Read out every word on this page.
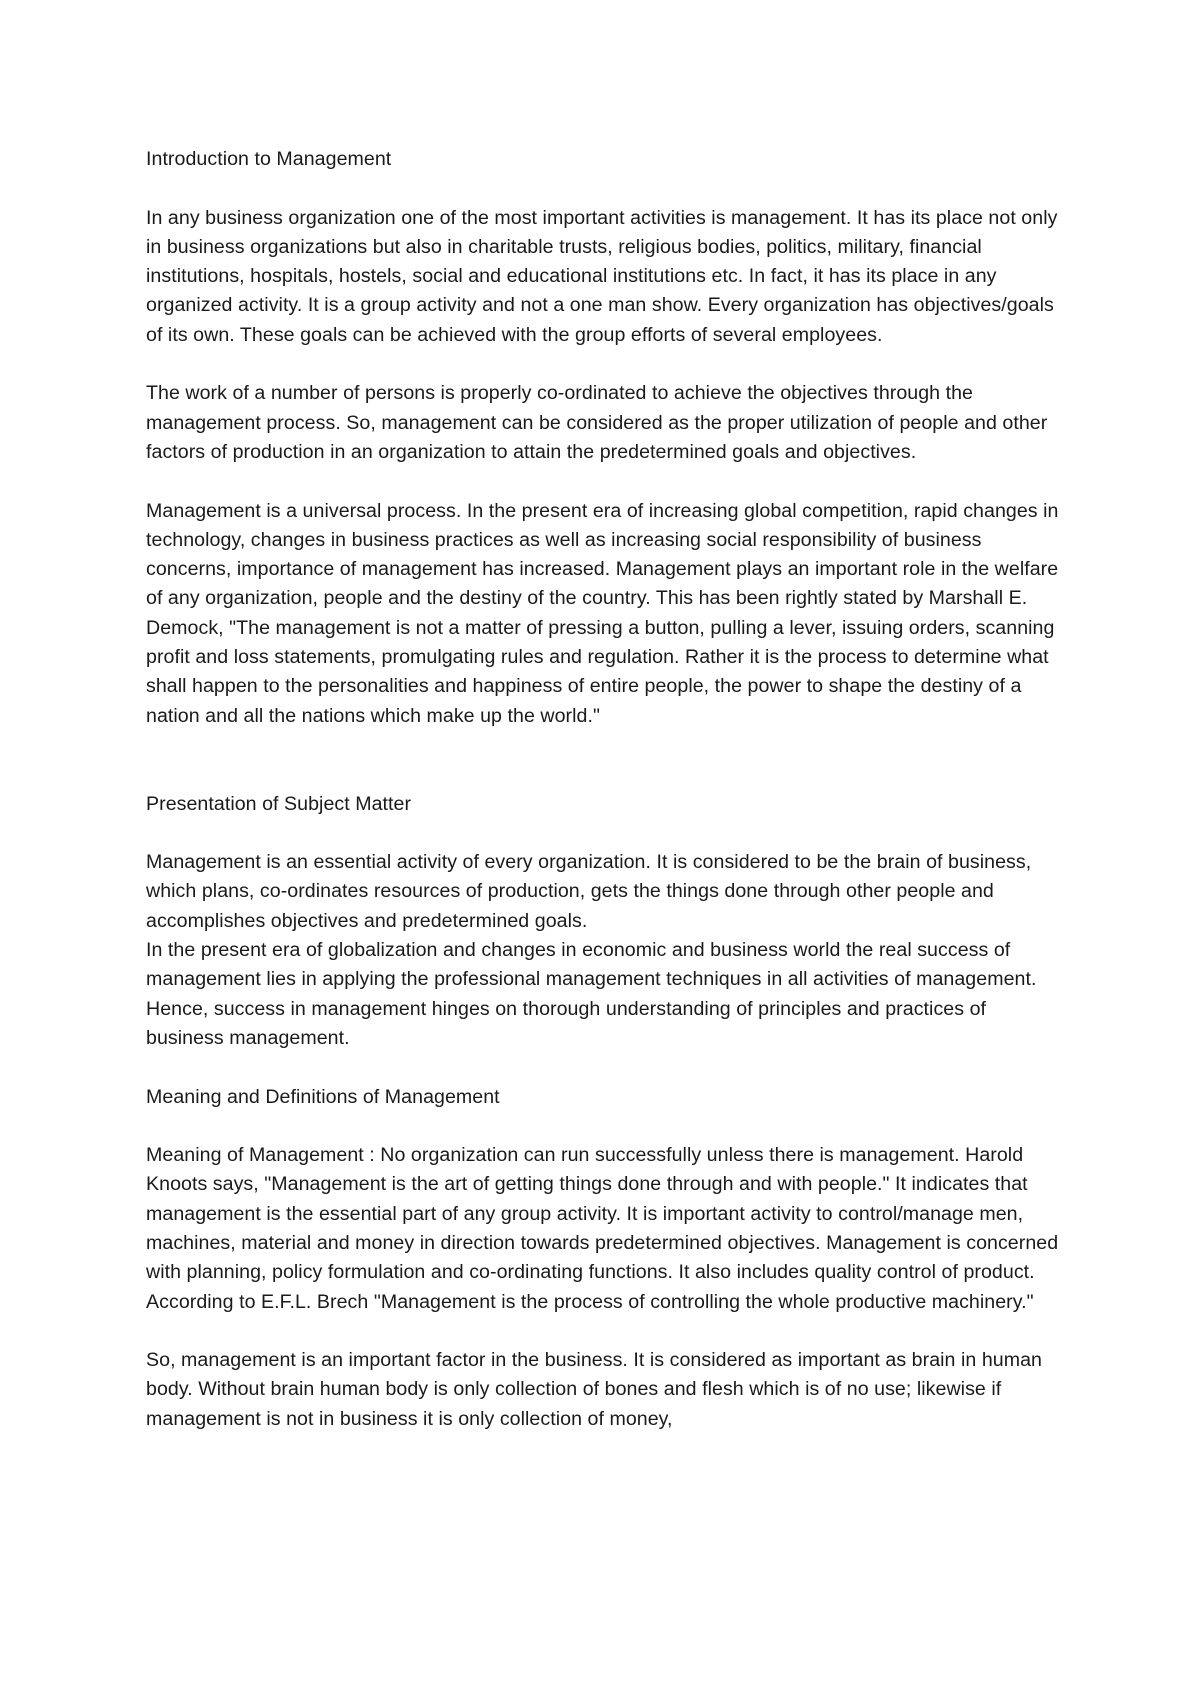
Introduction to Management

In any business organization one of the most important activities is management. It has its place not only in business organizations but also in charitable trusts, religious bodies, politics, military, financial institutions, hospitals, hostels, social and educational institutions etc. In fact, it has its place in any organized activity. It is a group activity and not a one man show. Every organization has objectives/goals of its own. These goals can be achieved with the group efforts of several employees.

The work of a number of persons is properly co-ordinated to achieve the objectives through the management process. So, management can be considered as the proper utilization of people and other factors of production in an organization to attain the predetermined goals and objectives.

Management is a universal process. In the present era of increasing global competition, rapid changes in technology, changes in business practices as well as increasing social responsibility of business concerns, importance of management has increased. Management plays an important role in the welfare of any organization, people and the destiny of the country. This has been rightly stated by Marshall E. Demock, "The management is not a matter of pressing a button, pulling a lever, issuing orders, scanning profit and loss statements, promulgating rules and regulation. Rather it is the process to determine what shall happen to the personalities and happiness of entire people, the power to shape the destiny of a nation and all the nations which make up the world."

Presentation of Subject Matter

Management is an essential activity of every organization. It is considered to be the brain of business, which plans, co-ordinates resources of production, gets the things done through other people and accomplishes objectives and predetermined goals.

In the present era of globalization and changes in economic and business world the real success of management lies in applying the professional management techniques in all activities of management. Hence, success in management hinges on thorough understanding of principles and practices of business management.

Meaning and Definitions of Management

Meaning of Management : No organization can run successfully unless there is management. Harold Knoots says, "Management is the art of getting things done through and with people." It indicates that management is the essential part of any group activity. It is important activity to control/manage men, machines, material and money in direction towards predetermined objectives. Management is concerned with planning, policy formulation and co-ordinating functions. It also includes quality control of product. According to E.F.L. Brech "Management is the process of controlling the whole productive machinery."

So, management is an important factor in the business. It is considered as important as brain in human body. Without brain human body is only collection of bones and flesh which is of no use; likewise if management is not in business it is only collection of money,
